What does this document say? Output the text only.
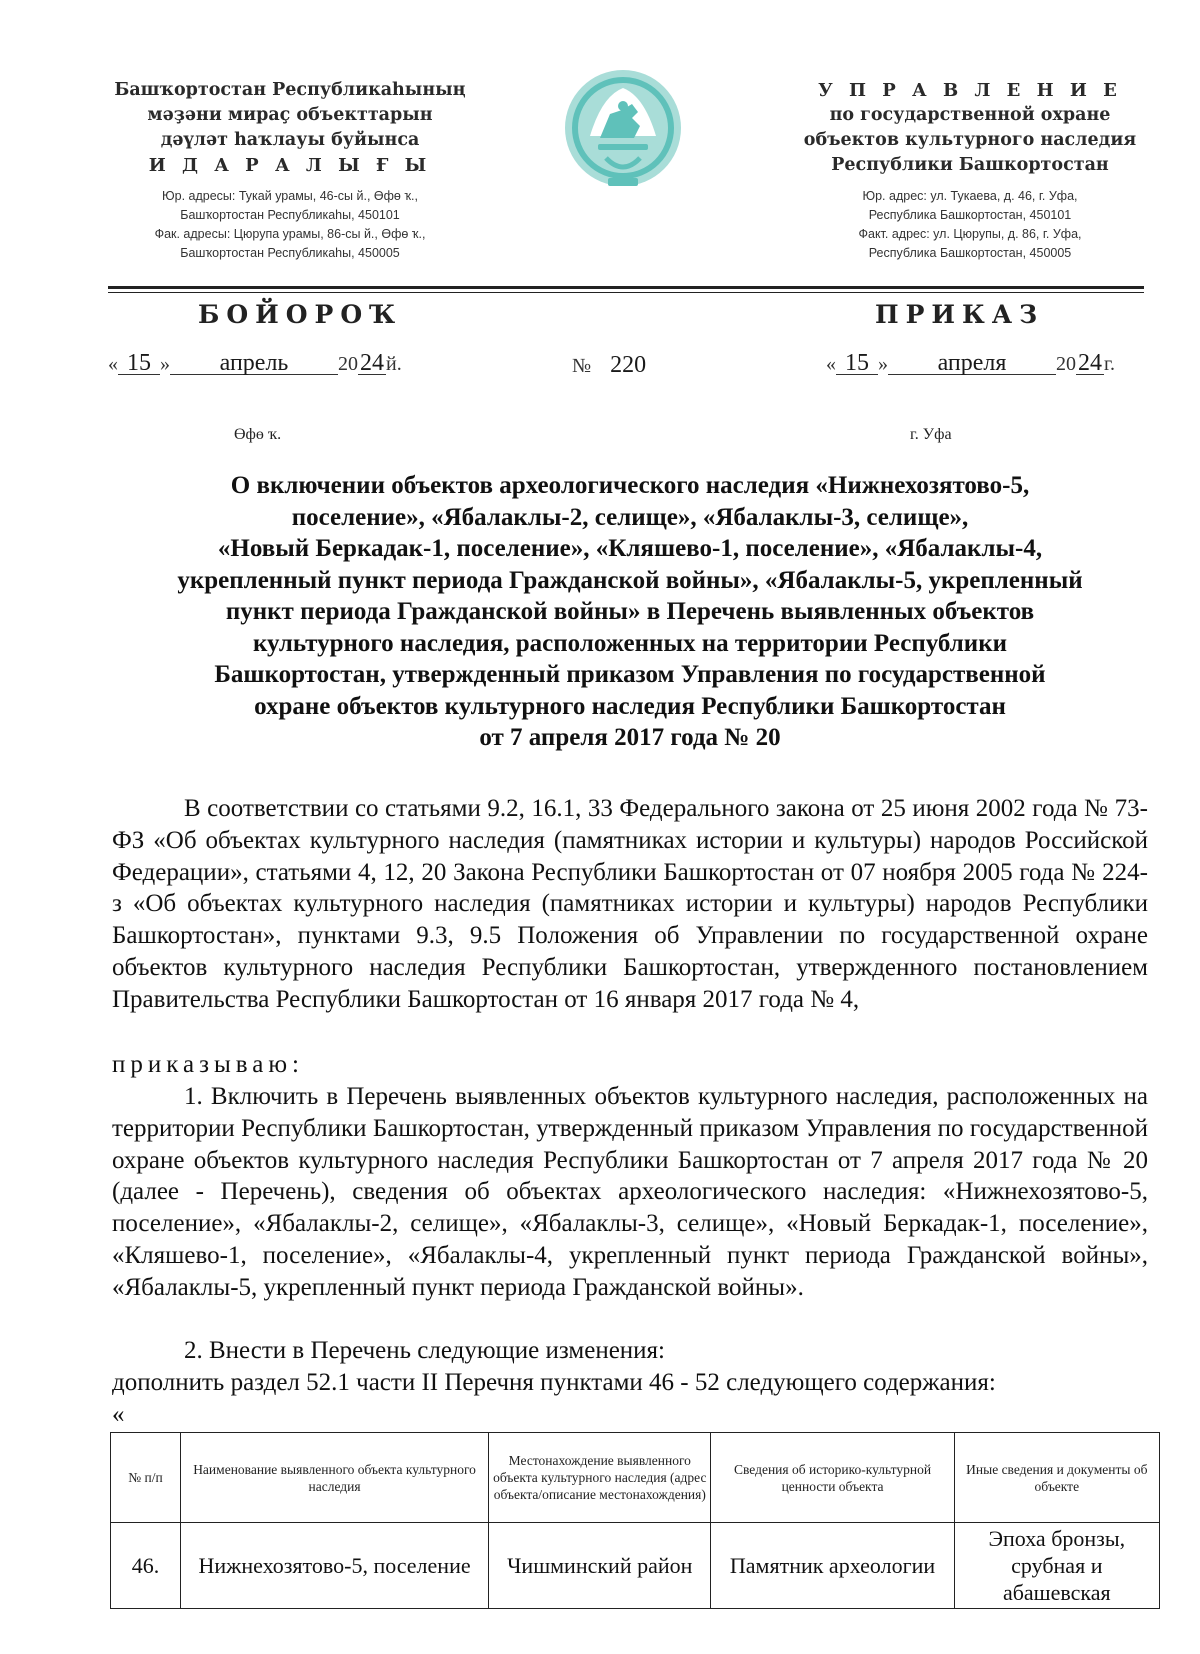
Башҡортостан Республикаһының
мәҙәни мираҫ объекттарын
дәүләт һаҡлауы буйынса
И Д А Р А Л Ы Ғ Ы
Юр. адресы: Тукай урамы, 46-сы й., Өфө ҡ.,
Башҡортостан Республикаһы, 450101
Фак. адресы: Цюрупа урамы, 86-сы й., Өфө ҡ.,
Башҡортостан Республикаһы, 450005
У П Р А В Л Е Н И Е
по государственной охране
объектов культурного наследия
Республики Башкортостан
Юр. адрес: ул. Тукаева, д. 46, г. Уфа,
Республика Башкортостан, 450101
Факт. адрес: ул. Цюрупы, д. 86, г. Уфа,
Республика Башкортостан, 450005
БОЙОРОҠ	ПРИКАЗ
« 15 » апрель 2024 й.	№ 220	« 15 » апреля 2024 г.
Өфө ҡ.	г. Уфа
О включении объектов археологического наследия «Нижнехозятово-5,
поселение», «Ябалаклы-2, селище», «Ябалаклы-3, селище»,
«Новый Беркадак-1, поселение», «Кляшево-1, поселение», «Ябалаклы-4,
укрепленный пункт периода Гражданской войны», «Ябалаклы-5, укрепленный
пункт периода Гражданской войны» в Перечень выявленных объектов
культурного наследия, расположенных на территории Республики
Башкортостан, утвержденный приказом Управления по государственной
охране объектов культурного наследия Республики Башкортостан
от 7 апреля 2017 года № 20
В соответствии со статьями 9.2, 16.1, 33 Федерального закона от 25 июня 2002 года № 73-ФЗ «Об объектах культурного наследия (памятниках истории и культуры) народов Российской Федерации», статьями 4, 12, 20 Закона Республики Башкортостан от 07 ноября 2005 года № 224-з «Об объектах культурного наследия (памятниках истории и культуры) народов Республики Башкортостан», пунктами 9.3, 9.5 Положения об Управлении по государственной охране объектов культурного наследия Республики Башкортостан, утвержденного постановлением Правительства Республики Башкортостан от 16 января 2017 года № 4,
приказываю:
1. Включить в Перечень выявленных объектов культурного наследия, расположенных на территории Республики Башкортостан, утвержденный приказом Управления по государственной охране объектов культурного наследия Республики Башкортостан от 7 апреля 2017 года № 20 (далее - Перечень), сведения об объектах археологического наследия: «Нижнехозятово-5, поселение», «Ябалаклы-2, селище», «Ябалаклы-3, селище», «Новый Беркадак-1, поселение», «Кляшево-1, поселение», «Ябалаклы-4, укрепленный пункт периода Гражданской войны», «Ябалаклы-5, укрепленный пункт периода Гражданской войны».
2. Внести в Перечень следующие изменения:
дополнить раздел 52.1 части II Перечня пунктами 46 - 52 следующего содержания:
«
№ п/п	Наименование выявленного объекта культурного наследия	Местонахождение выявленного объекта культурного наследия (адрес объекта/описание местонахождения)	Сведения об историко-культурной ценности объекта	Иные сведения и документы об объекте
46.	Нижнехозятово-5, поселение	Чишминский район	Памятник археологии	Эпоха бронзы, срубная и абашевская
